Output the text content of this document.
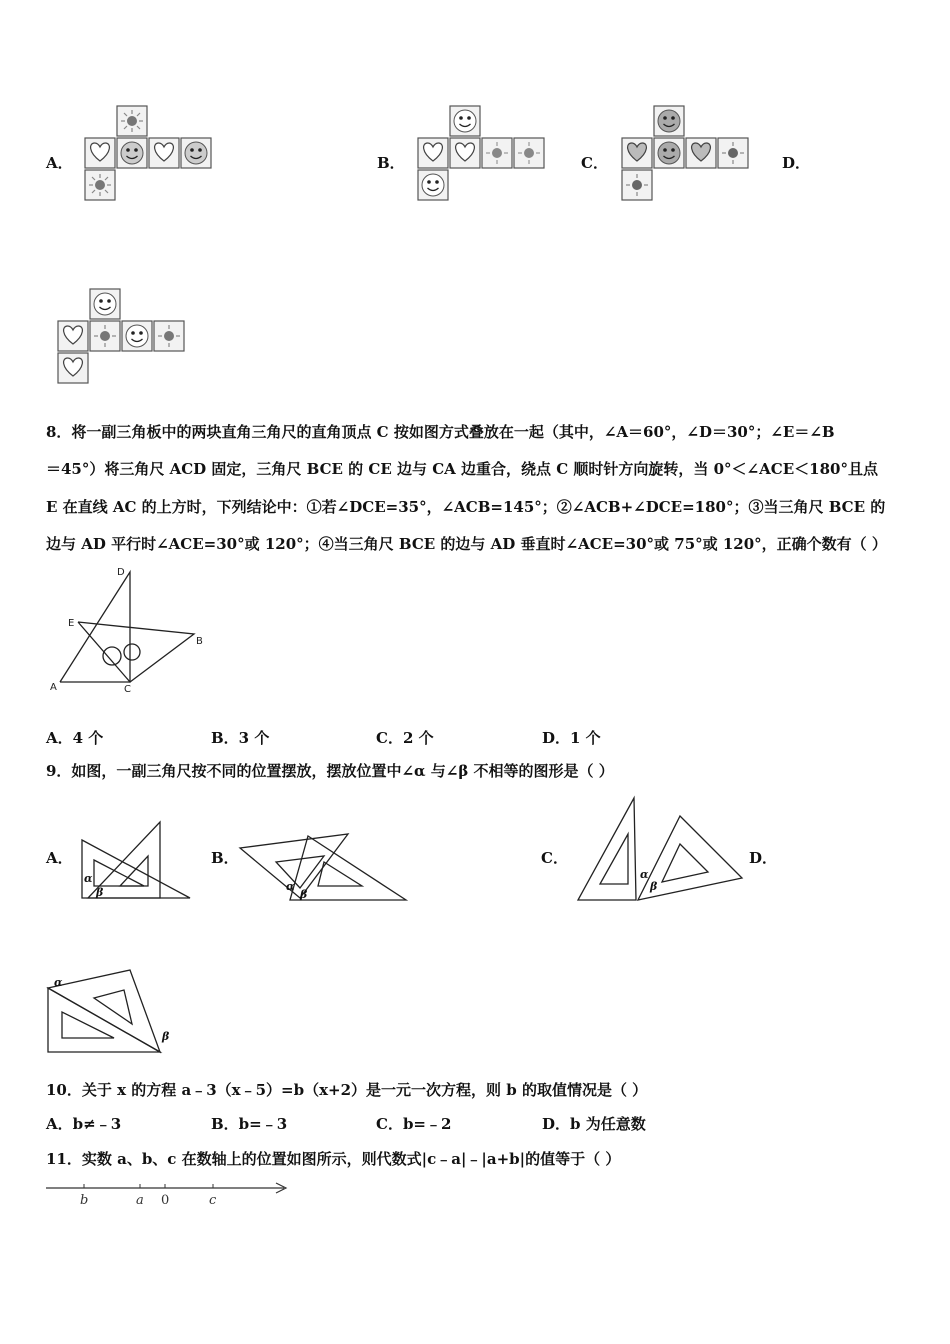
A．	B．	C．	D．
8．将一副三角板中的两块直角三角尺的直角顶点 C 按如图方式叠放在一起（其中，∠A＝60°，∠D＝30°；∠E＝∠B
＝45°）将三角尺 ACD 固定，三角尺 BCE 的 CE 边与 CA 边重合，绕点 C 顺时针方向旋转，当 0°＜∠ACE＜180°且点
E 在直线 AC 的上方时，下列结论中：①若∠DCE=35°，∠ACB=145°；②∠ACB+∠DCE=180°；③当三角尺 BCE 的
边与 AD 平行时∠ACE=30°或 120°；④当三角尺 BCE 的边与 AD 垂直时∠ACE=30°或 75°或 120°，正确个数有（ ）
D
E
B
A	C
A．4 个	B．3 个	C．2 个	D．1 个
9．如图，一副三角尺按不同的位置摆放，摆放位置中∠α 与∠β 不相等的图形是（ ）
A．	B．	C．	D．
α
β	α
β
α
β
α
β
10．关于 x 的方程 a﹣3（x﹣5）=b（x+2）是一元一次方程，则 b 的取值情况是（ ）
A．b≠﹣3	B．b=﹣3	C．b=﹣2	D．b 为任意数
11．实数 a、b、c 在数轴上的位置如图所示，则代数式|c﹣a|﹣|a+b|的值等于（ ）
b	a 0	c
